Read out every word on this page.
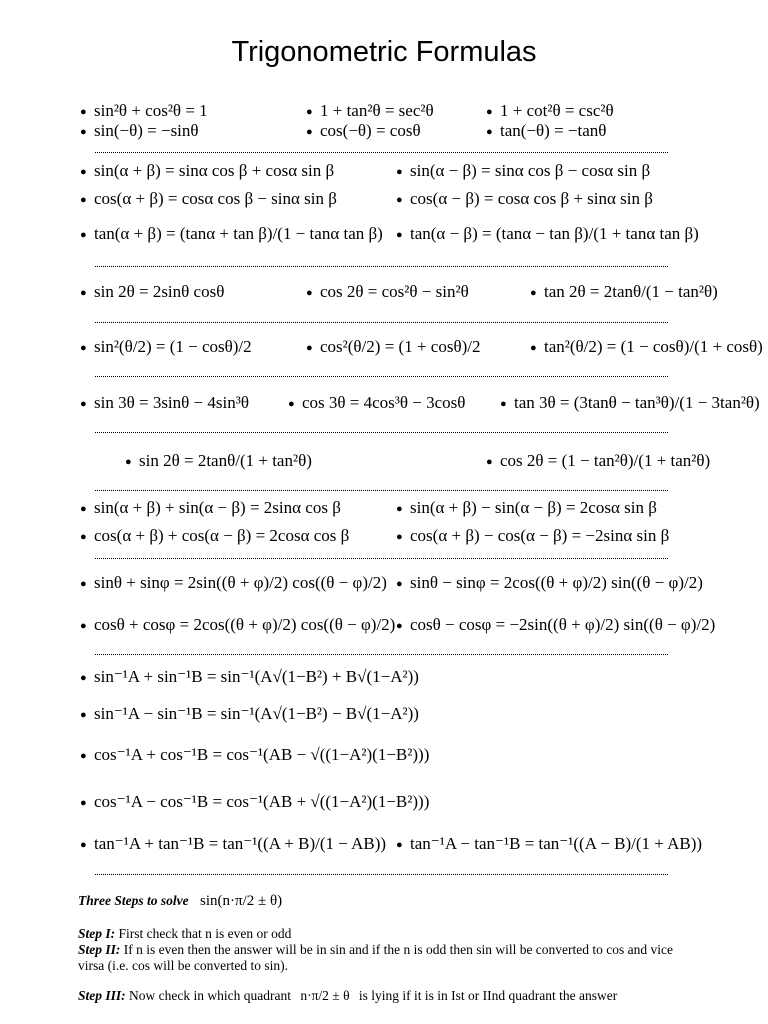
Trigonometric Formulas
●sin²θ + cos²θ = 1 ●	1 + tan²θ = sec²θ ●	1 + cot²θ = csc²θ
●sin(−θ) = −sinθ ●	cos(−θ) = cosθ ●	tan(−θ) = −tanθ
●sin(α + β) = sinα cos β + cosα sin β ●	sin(α − β) = sinα cos β − cosα sin β
●cos(α + β) = cosα cos β − sinα sin β ●	cos(α − β) = cosα cos β + sinα sin β
●tan(α + β) = (tanα + tan β)/(1 − tanα tan β) ●	tan(α − β) = (tanα − tan β)/(1 + tanα tan β)
●sin 2θ = 2sinθ cosθ ●	cos 2θ = cos²θ − sin²θ ●	tan 2θ = 2tanθ/(1 − tan²θ)
●sin²(θ/2) = (1 − cosθ)/2 ●	cos²(θ/2) = (1 + cosθ)/2 ●	tan²(θ/2) = (1 − cosθ)/(1 + cosθ)
●sin 3θ = 3sinθ − 4sin³θ ●	cos 3θ = 4cos³θ − 3cosθ ●	tan 3θ = (3tanθ − tan³θ)/(1 − 3tan²θ)
●sin 2θ = 2tanθ/(1 + tan²θ) ●	cos 2θ = (1 − tan²θ)/(1 + tan²θ)
●sin(α + β) + sin(α − β) = 2sinα cos β ●	sin(α + β) − sin(α − β) = 2cosα sin β
●cos(α + β) + cos(α − β) = 2cosα cos β ●	cos(α + β) − cos(α − β) = −2sinα sin β
●sinθ + sinφ = 2sin((θ + φ)/2) cos((θ − φ)/2) ●	sinθ − sinφ = 2cos((θ + φ)/2) sin((θ − φ)/2)
●cosθ + cosφ = 2cos((θ + φ)/2) cos((θ − φ)/2) ● cosθ − cosφ = −2sin((θ + φ)/2) sin((θ − φ)/2)
●sin⁻¹A + sin⁻¹B = sin⁻¹(A√(1−B²) + B√(1−A²))
●sin⁻¹A − sin⁻¹B = sin⁻¹(A√(1−B²) − B√(1−A²))
●cos⁻¹A + cos⁻¹B = cos⁻¹(AB − √((1−A²)(1−B²)))
●cos⁻¹A − cos⁻¹B = cos⁻¹(AB + √((1−A²)(1−B²)))
●tan⁻¹A + tan⁻¹B = tan⁻¹((A + B)/(1 − AB)) ●	tan⁻¹A − tan⁻¹B = tan⁻¹((A − B)/(1 + AB))
Three Steps to solve sin(n·π/2 ± θ)
Step I: First check that n is even or odd
Step II: If n is even then the answer will be in sin and if the n is odd then sin will be converted to cos and vice virsa (i.e. cos will be converted to sin).
Step III: Now check in which quadrant n·π/2 ± θ is lying if it is in Ist or IInd quadrant the answer
